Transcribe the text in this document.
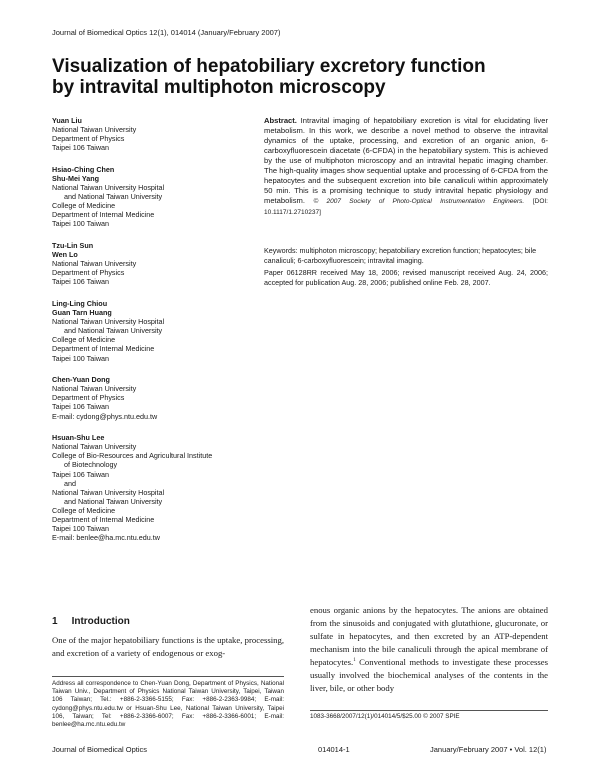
Journal of Biomedical Optics 12(1), 014014 (January/February 2007)
Visualization of hepatobiliary excretory function
by intravital multiphoton microscopy
Yuan Liu
National Taiwan University
Department of Physics
Taipei 106 Taiwan
Hsiao-Ching Chen
Shu-Mei Yang
National Taiwan University Hospital
and National Taiwan University
College of Medicine
Department of Internal Medicine
Taipei 100 Taiwan
Tzu-Lin Sun
Wen Lo
National Taiwan University
Department of Physics
Taipei 106 Taiwan
Ling-Ling Chiou
Guan Tarn Huang
National Taiwan University Hospital
and National Taiwan University
College of Medicine
Department of Internal Medicine
Taipei 100 Taiwan
Chen-Yuan Dong
National Taiwan University
Department of Physics
Taipei 106 Taiwan
E-mail: cydong@phys.ntu.edu.tw
Hsuan-Shu Lee
National Taiwan University
College of Bio-Resources and Agricultural Institute
of Biotechnology
Taipei 106 Taiwan
and
National Taiwan University Hospital
and National Taiwan University
College of Medicine
Department of Internal Medicine
Taipei 100 Taiwan
E-mail: benlee@ha.mc.ntu.edu.tw
Abstract. Intravital imaging of hepatobiliary excretion is vital for elucidating liver metabolism. In this work, we describe a novel method to observe the intravital dynamics of the uptake, processing, and excretion of an organic anion, 6-carboxyfluorescein diacetate (6-CFDA) in the hepatobiliary system. This is achieved by the use of multiphoton microscopy and an intravital hepatic imaging chamber. The high-quality images show sequential uptake and processing of 6-CFDA from the hepatocytes and the subsequent excretion into bile canaliculi within approximately 50 min. This is a promising technique to study intravital hepatic physiology and metabolism. © 2007 Society of Photo-Optical Instrumentation Engineers. [DOI: 10.1117/1.2710237]
Keywords: multiphoton microscopy; hepatobiliary excretion function; hepatocytes; bile canaliculi; 6-carboxyfluorescein; intravital imaging.
Paper 06128RR received May 18, 2006; revised manuscript received Aug. 24, 2006; accepted for publication Aug. 28, 2006; published online Feb. 28, 2007.
1 Introduction
One of the major hepatobiliary functions is the uptake, processing, and excretion of a variety of endogenous or exog-
enous organic anions by the hepatocytes. The anions are obtained from the sinusoids and conjugated with glutathione, glucuronate, or sulfate in hepatocytes, and then excreted by an ATP-dependent mechanism into the bile canaliculi through the apical membrane of hepatocytes.$^1$ Conventional methods to investigate these processes usually involved the biochemical analyses of the contents in the liver, bile, or other body
Address all correspondence to Chen-Yuan Dong, Department of Physics, National Taiwan Univ., Department of Physics National Taiwan University, Taipei, Taiwan 106 Taiwan; Tel.: +886-2-3366-5155; Fax: +886-2-2363-9984; E-mail: cydong@phys.ntu.edu.tw or Hsuan-Shu Lee, National Taiwan University, Taipei 106, Taiwan; Tel: +886-2-3366-6007; Fax: +886-2-3366-6001; E-mail: benlee@ha.mc.ntu.edu.tw
1083-3668/2007/12(1)/014014/5/$25.00 © 2007 SPIE
Journal of Biomedical Optics	014014-1	January/February 2007 • Vol. 12(1)
